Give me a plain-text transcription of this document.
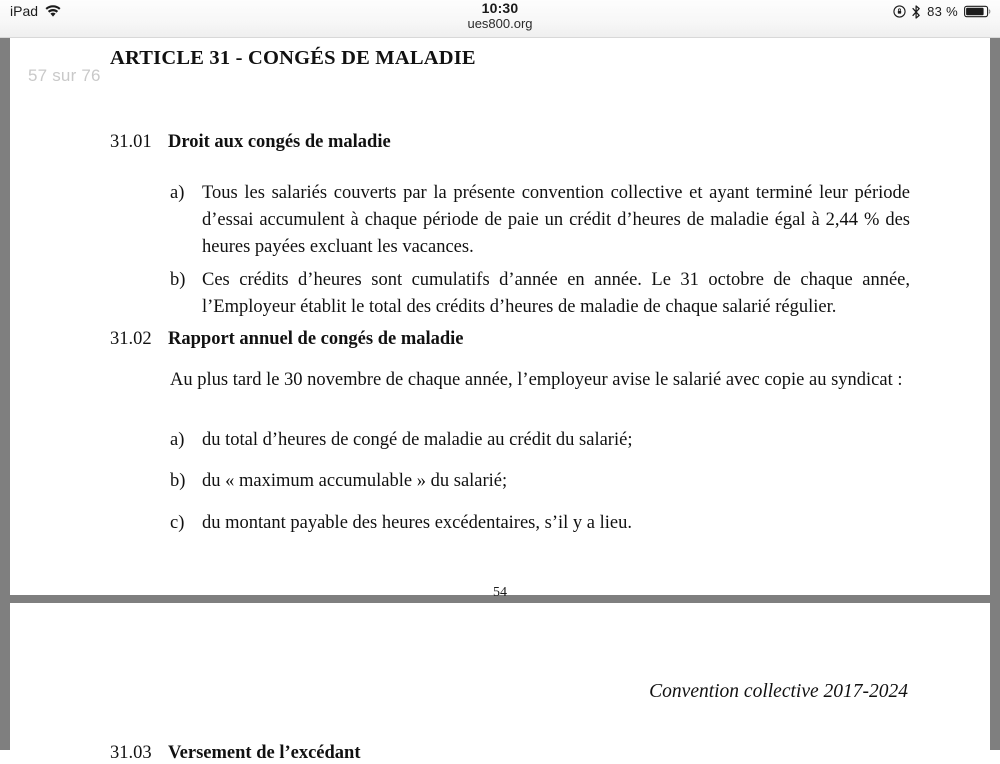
iPad	10:30
ues800.org
83 %
57 sur 76
ARTICLE 31 - CONGÉS DE MALADIE
31.01 Droit aux congés de maladie
a) Tous les salariés couverts par la présente convention collective et ayant terminé leur période d’essai accumulent à chaque période de paie un crédit d’heures de maladie égal à 2,44 % des heures payées excluant les vacances.
b) Ces crédits d’heures sont cumulatifs d’année en année. Le 31 octobre de chaque année, l’Employeur établit le total des crédits d’heures de maladie de chaque salarié régulier.
31.02 Rapport annuel de congés de maladie
Au plus tard le 30 novembre de chaque année, l’employeur avise le salarié avec copie au syndicat :
a) du total d’heures de congé de maladie au crédit du salarié;
b) du « maximum accumulable » du salarié;
c) du montant payable des heures excédentaires, s’il y a lieu.
54
Convention collective 2017-2024
31.03 Versement de l’excédant
